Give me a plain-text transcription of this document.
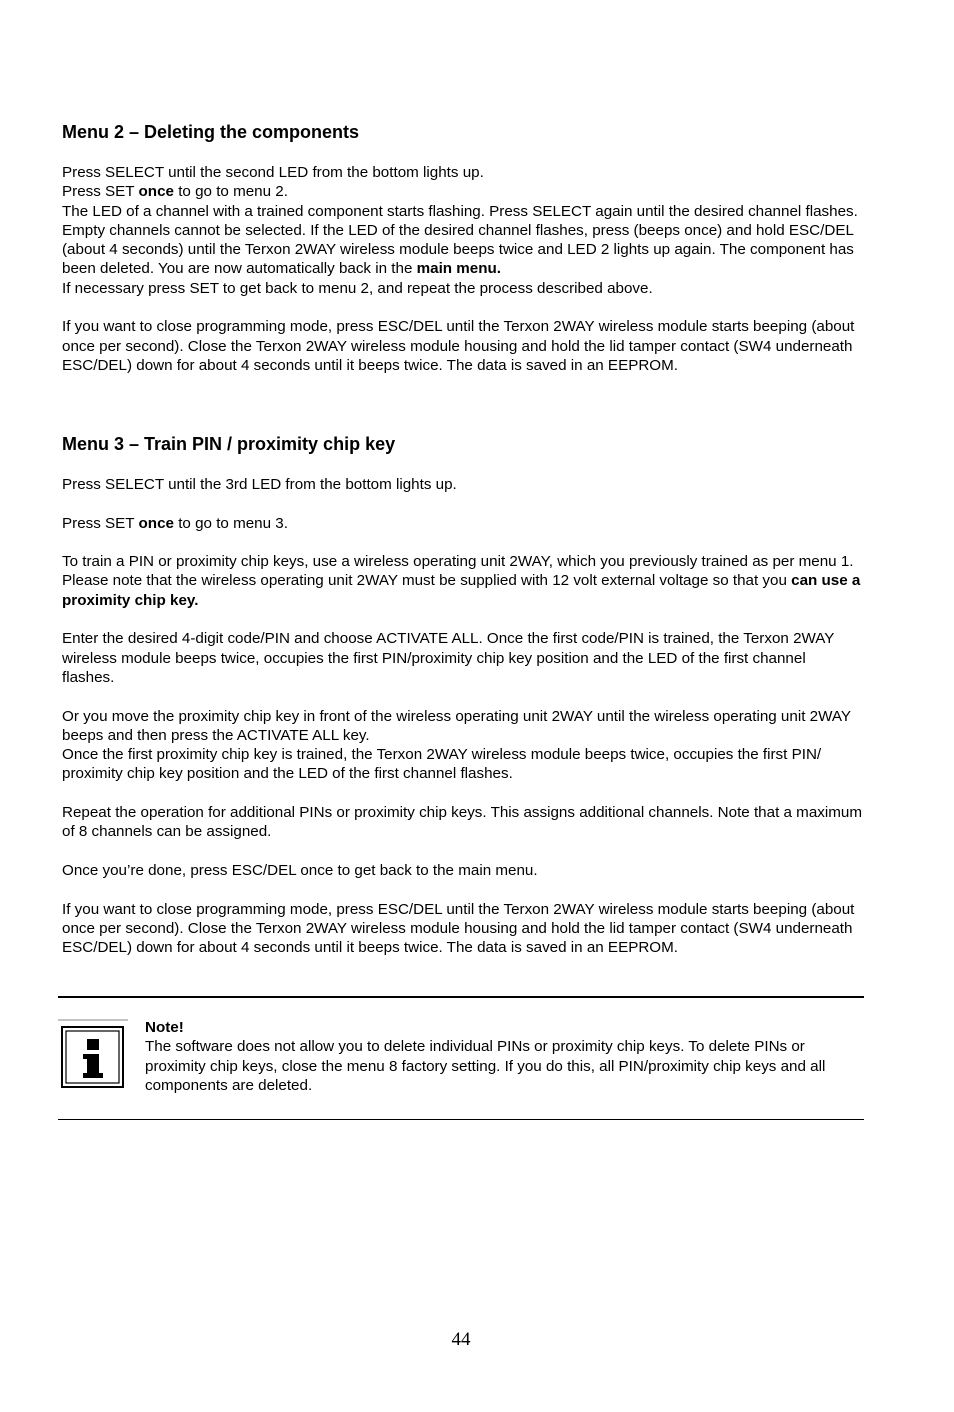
Menu 2 – Deleting the components

Press SELECT until the second LED from the bottom lights up.

Press SET once to go to menu 2.

The LED of a channel with a trained component starts flashing. Press SELECT again until the desired channel flashes. Empty channels cannot be selected. If the LED of the desired channel flashes, press (beeps once) and hold ESC/DEL (about 4 seconds) until the Terxon 2WAY wireless module beeps twice and LED 2 lights up again. The component has been deleted. You are now automatically back in the main menu.

If necessary press SET to get back to menu 2, and repeat the process described above.

If you want to close programming mode, press ESC/DEL until the Terxon 2WAY wireless module starts beeping (about once per second). Close the Terxon 2WAY wireless module housing and hold the lid tamper contact (SW4 underneath ESC/DEL) down for about 4 seconds until it beeps twice. The data is saved in an EEPROM.

Menu 3 – Train PIN / proximity chip key

Press SELECT until the 3rd LED from the bottom lights up.

Press SET once to go to menu 3.

To train a PIN or proximity chip keys, use a wireless operating unit 2WAY, which you previously trained as per menu 1. Please note that the wireless operating unit 2WAY must be supplied with 12 volt external voltage so that you can use a proximity chip key.

Enter the desired 4-digit code/PIN and choose ACTIVATE ALL. Once the first code/PIN is trained, the Terxon 2WAY wireless module beeps twice, occupies the first PIN/proximity chip key position and the LED of the first channel flashes.

Or you move the proximity chip key in front of the wireless operating unit 2WAY until the wireless operating unit 2WAY beeps and then press the ACTIVATE ALL key.

Once the first proximity chip key is trained, the Terxon 2WAY wireless module beeps twice, occupies the first PIN/ proximity chip key position and the LED of the first channel flashes.

Repeat the operation for additional PINs or proximity chip keys. This assigns additional channels. Note that a maximum of 8 channels can be assigned.

Once you’re done, press ESC/DEL once to get back to the main menu.

If you want to close programming mode, press ESC/DEL until the Terxon 2WAY wireless module starts beeping (about once per second). Close the Terxon 2WAY wireless module housing and hold the lid tamper contact (SW4 underneath ESC/DEL) down for about 4 seconds until it beeps twice. The data is saved in an EEPROM.

Note!

The software does not allow you to delete individual PINs or proximity chip keys. To delete PINs or proximity chip keys, close the menu 8 factory setting. If you do this, all PIN/proximity chip keys and all components are deleted.

44
